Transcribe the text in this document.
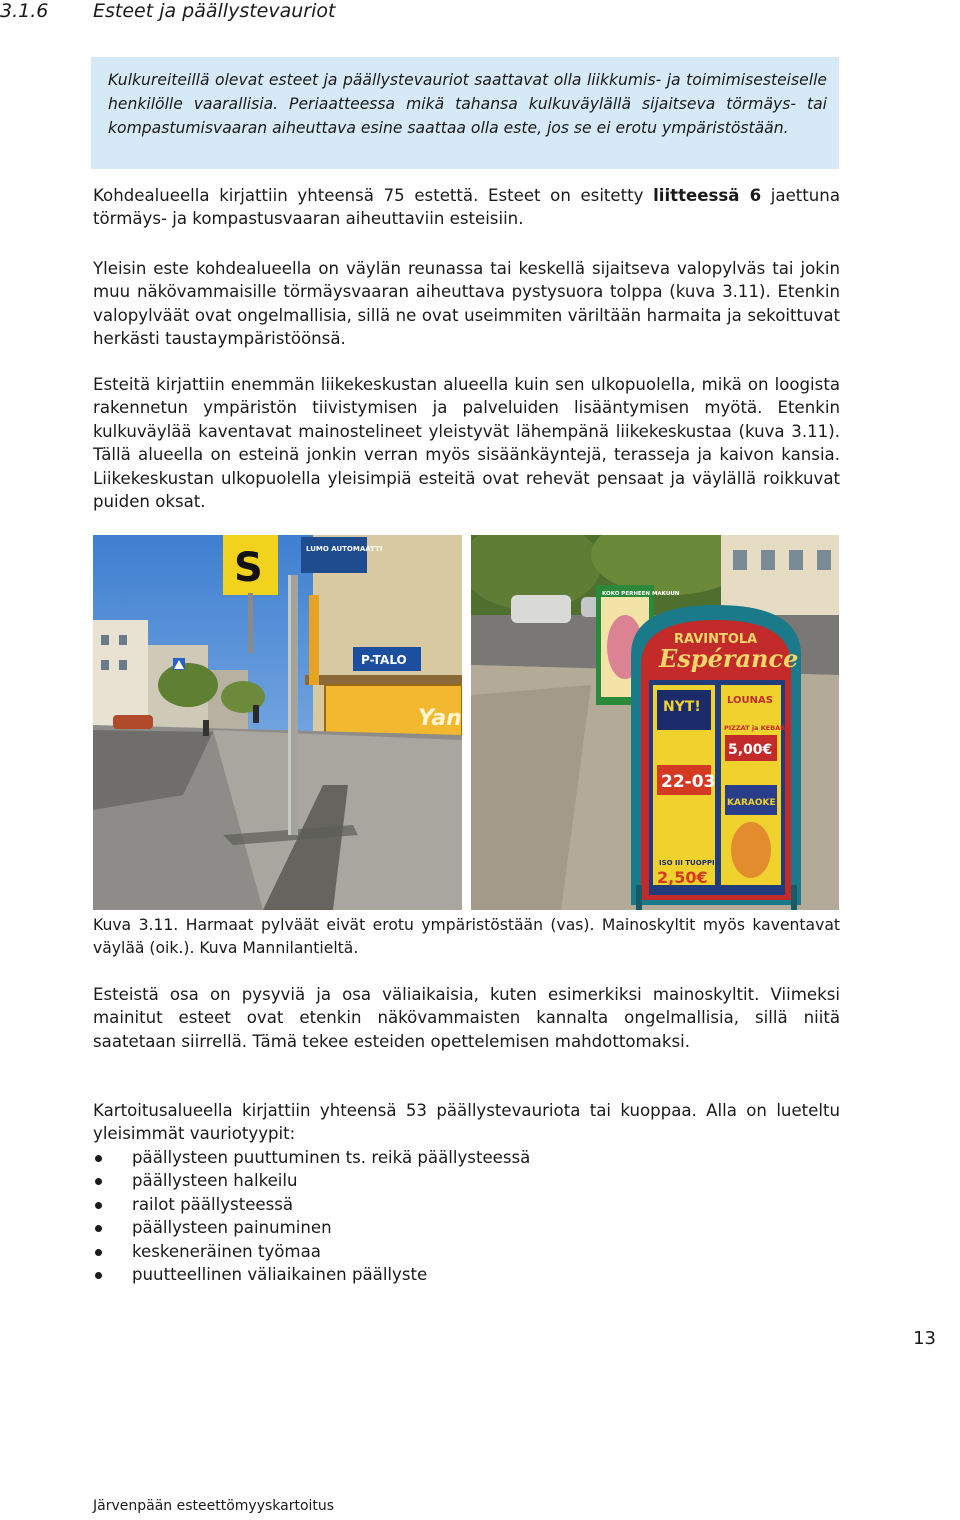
3.1.6 Esteet ja päällystevauriot
Kulkureiteillä olevat esteet ja päällystevauriot saattavat olla liikkumis- ja toimimisesteiselle henkilölle vaarallisia. Periaatteessa mikä tahansa kulkuväylällä sijaitseva törmäys- tai kompastumisvaaran aiheuttava esine saattaa olla este, jos se ei erotu ympäristöstään.

Kohdealueella kirjattiin yhteensä 75 estettä. Esteet on esitetty liitteessä 6 jaettuna törmäys- ja kompastusvaaran aiheuttaviin esteisiin.

Yleisin este kohdealueella on väylän reunassa tai keskellä sijaitseva valopylväs tai jokin muu näkövammaisille törmäysvaaran aiheuttava pystysuora tolppa (kuva 3.11). Etenkin valopylväät ovat ongelmallisia, sillä ne ovat useimmiten väriltään harmaita ja sekoittuvat herkästi taustaympäristöönsä.

Esteitä kirjattiin enemmän liikekeskustan alueella kuin sen ulkopuolella, mikä on loogista rakennetun ympäristön tiivistymisen ja palveluiden lisääntymisen myötä. Etenkin kulkuväylää kaventavat mainostelineet yleistyvät lähempänä liikekeskustaa (kuva 3.11). Tällä alueella on esteinä jonkin verran myös sisäänkäyntejä, terasseja ja kaivon kansia. Liikekeskustan ulkopuolella yleisimpiä esteitä ovat rehevät pensaat ja väylällä roikkuvat puiden oksat.

Yan
P-TALO
LUMO AUTOMAATTI
S
KOKO PERHEEN MAKUUN
RAVINTOLA
Espérance
NYT!
22-03
ISO III TUOPPI
2,50€
LOUNAS
PIZZAT ja KEBABIT
5,00€
KARAOKE

Kuva 3.11. Harmaat pylväät eivät erotu ympäristöstään (vas). Mainoskyltit myös kaventavat väylää (oik.). Kuva Mannilantieltä.

Esteistä osa on pysyviä ja osa väliaikaisia, kuten esimerkiksi mainoskyltit. Viimeksi mainitut esteet ovat etenkin näkövammaisten kannalta ongelmallisia, sillä niitä saatetaan siirrellä. Tämä tekee esteiden opettelemisen mahdottomaksi.

Kartoitusalueella kirjattiin yhteensä 53 päällystevauriota tai kuoppaa. Alla on lueteltu yleisimmät vauriotyypit:

päällysteen puuttuminen ts. reikä päällysteessä
päällysteen halkeilu
railot päällysteessä
päällysteen painuminen
keskeneräinen työmaa
puutteellinen väliaikainen päällyste
13
Järvenpään esteettömyyskartoitus
